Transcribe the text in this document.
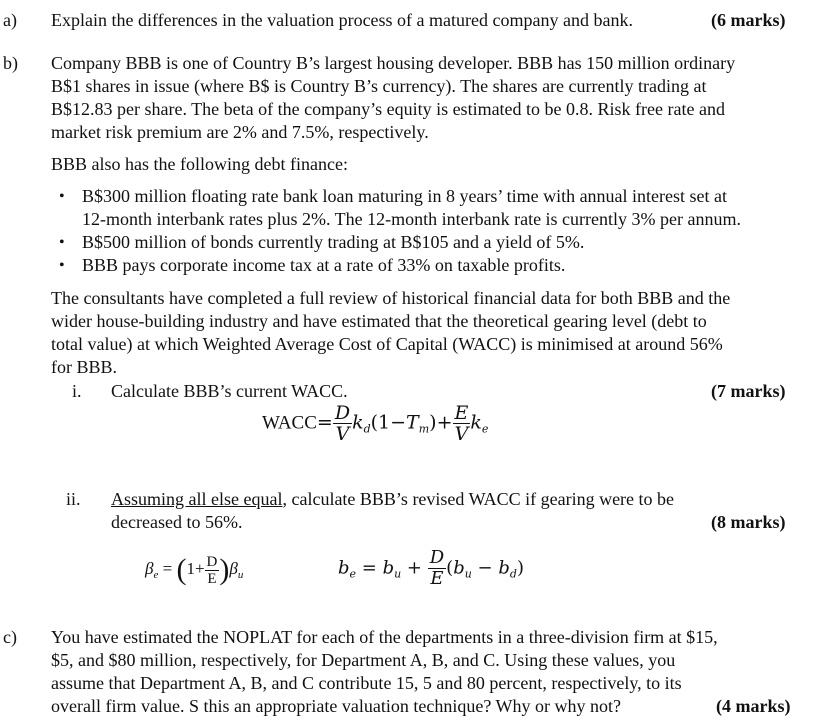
a) Explain the differences in the valuation process of a matured company and bank.	(6 marks)
b) Company BBB is one of Country B’s largest housing developer. BBB has 150 million ordinary
B$1 shares in issue (where B$ is Country B’s currency). The shares are currently trading at
B$12.83 per share. The beta of the company’s equity is estimated to be 0.8. Risk free rate and
market risk premium are 2% and 7.5%, respectively.
BBB also has the following debt finance:
• B$300 million floating rate bank loan maturing in 8 years’ time with annual interest set at
12-month interbank rates plus 2%. The 12-month interbank rate is currently 3% per annum.
• B$500 million of bonds currently trading at B$105 and a yield of 5%.
• BBB pays corporate income tax at a rate of 33% on taxable profits.
The consultants have completed a full review of historical financial data for both BBB and the
wider house-building industry and have estimated that the theoretical gearing level (debt to
total value) at which Weighted Average Cost of Capital (WACC) is minimised at around 56%
for BBB.
i. Calculate BBB’s current WACC.	(7 marks)
WACC= $\frac{D}{V} k_d(1-T_m)+ \frac{E}{V} k_e$
ii. Assuming all else equal, calculate BBB’s revised WACC if gearing were to be
decreased to 56%.	(8 marks)
$\beta_e = (1+ \frac{D}{E} )\beta_u$	$b_e = b_u + \frac{D}{E} (b_u - b_d)$
c) You have estimated the NOPLAT for each of the departments in a three-division firm at $15,
$5, and $80 million, respectively, for Department A, B, and C. Using these values, you
assume that Department A, B, and C contribute 15, 5 and 80 percent, respectively, to its
overall firm value. S this an appropriate valuation technique? Why or why not?	(4 marks)
